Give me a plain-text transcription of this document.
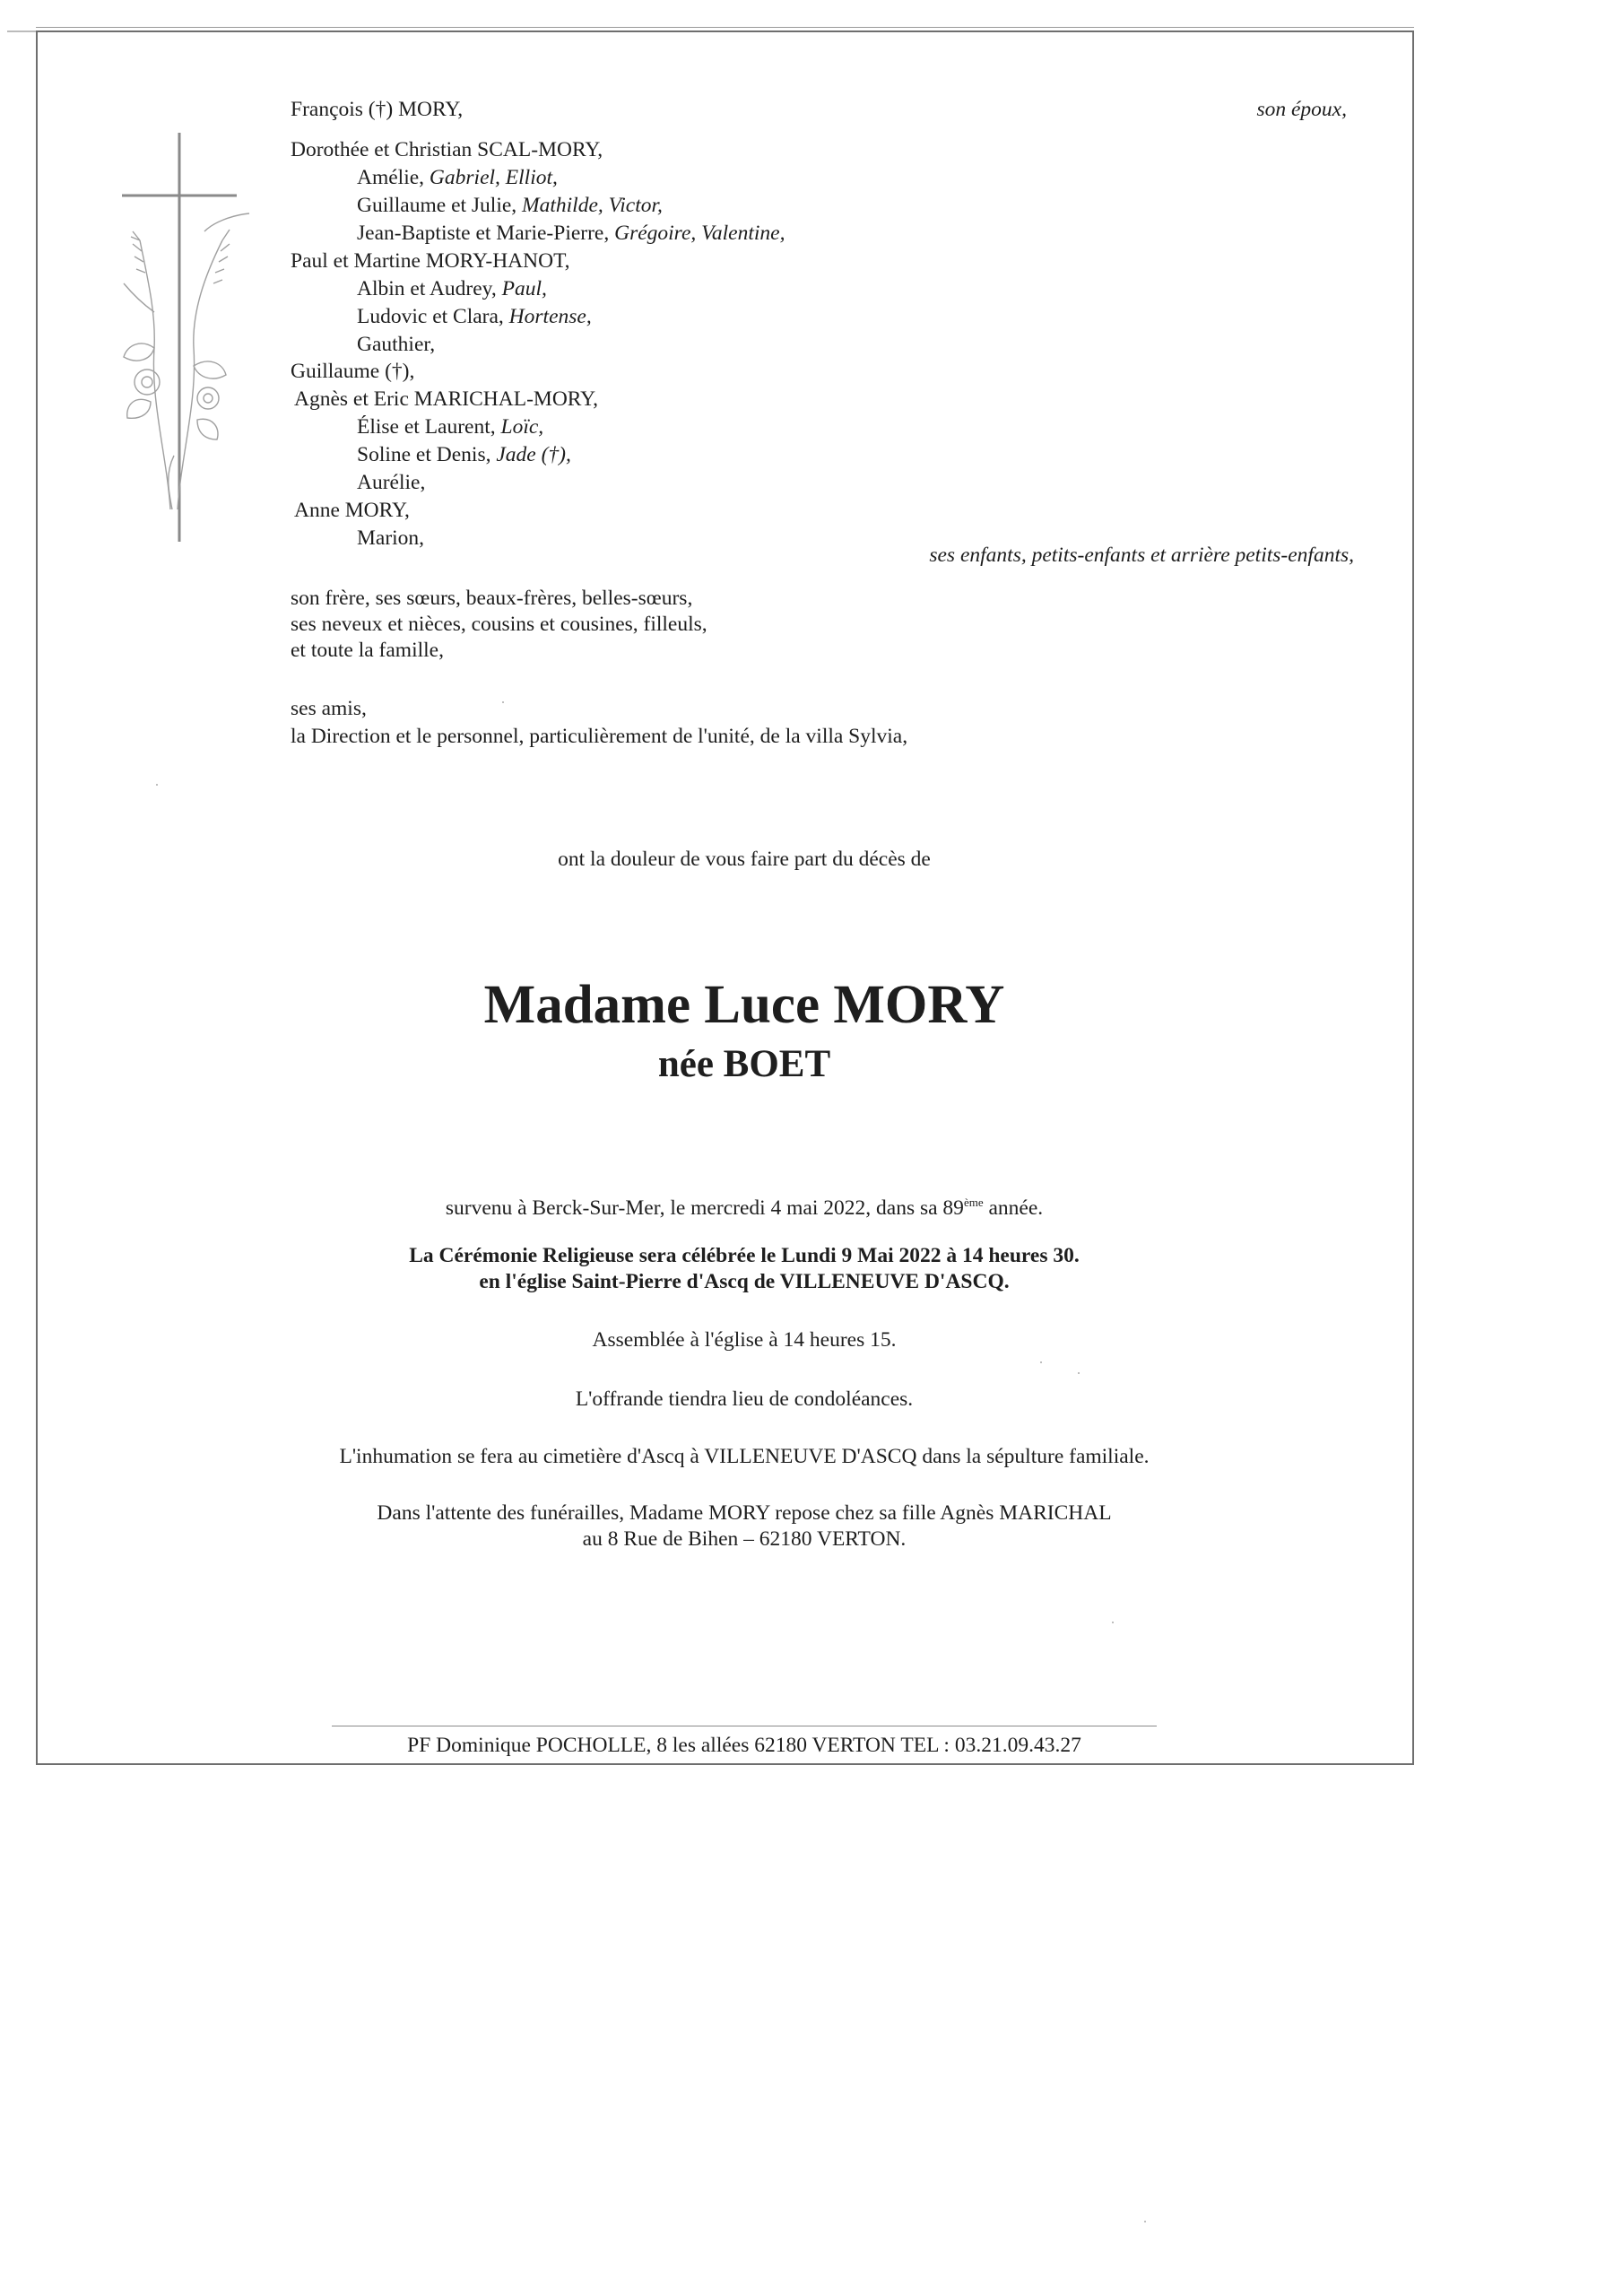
François (†) MORY,	son époux,
Dorothée et Christian SCAL-MORY,
Amélie, Gabriel, Elliot,
Guillaume et Julie, Mathilde, Victor,
Jean-Baptiste et Marie-Pierre, Grégoire, Valentine,
Paul et Martine MORY-HANOT,
Albin et Audrey, Paul,
Ludovic et Clara, Hortense,
Gauthier,
Guillaume (†),
Agnès et Eric MARICHAL-MORY,
Élise et Laurent, Loïc,
Soline et Denis, Jade (†),
Aurélie,
Anne MORY,
Marion,
ses enfants, petits-enfants et arrière petits-enfants,
son frère, ses sœurs, beaux-frères, belles-sœurs,
ses neveux et nièces, cousins et cousines, filleuls,
et toute la famille,
ses amis,
la Direction et le personnel, particulièrement de l'unité, de la villa Sylvia,
ont la douleur de vous faire part du décès de
Madame Luce MORY
née BOET
survenu à Berck-Sur-Mer, le mercredi 4 mai 2022, dans sa 89ème année.
La Cérémonie Religieuse sera célébrée le Lundi 9 Mai 2022 à 14 heures 30.
en l'église Saint-Pierre d'Ascq de VILLENEUVE D'ASCQ.
Assemblée à l'église à 14 heures 15.
L'offrande tiendra lieu de condoléances.
L'inhumation se fera au cimetière d'Ascq à VILLENEUVE D'ASCQ dans la sépulture familiale.
Dans l'attente des funérailles, Madame MORY repose chez sa fille Agnès MARICHAL
au 8 Rue de Bihen – 62180 VERTON.
PF Dominique POCHOLLE, 8 les allées 62180 VERTON TEL : 03.21.09.43.27
